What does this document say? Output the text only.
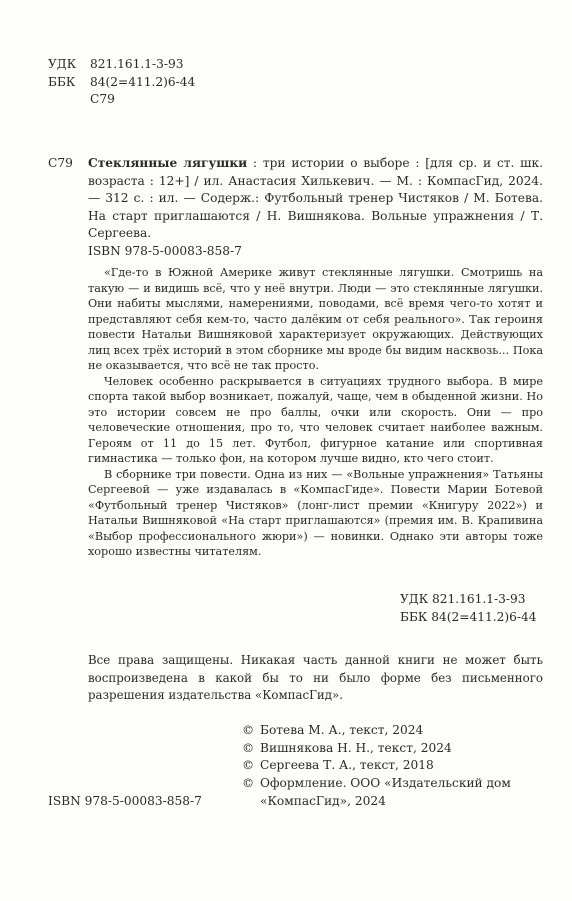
УДК 821.161.1-3-93
ББК 84(2=411.2)6-44
С79
С79 Стеклянные лягушки : три истории о выборе : [для ср. и ст. шк. возраста : 12+] / ил. Анастасия Хилькевич. — М. : КомпасГид, 2024. — 312 с. : ил. — Содерж.: Футбольный тренер Чистяков / М. Ботева. На старт приглашаются / Н. Вишнякова. Вольные упражнения / Т. Сергеева.
ISBN 978-5-00083-858-7

«Где-то в Южной Америке живут стеклянные лягушки. Смотришь на такую — и видишь всё, что у неё внутри. Люди — это стеклянные лягушки. Они набиты мыслями, намерениями, поводами, всё время чего-то хотят и представляют себя кем-то, часто далёким от себя реального». Так героиня повести Натальи Вишняковой характеризует окружающих. Действующих лиц всех трёх историй в этом сборнике мы вроде бы видим насквозь... Пока не оказывается, что всё не так просто.

Человек особенно раскрывается в ситуациях трудного выбора. В мире спорта такой выбор возникает, пожалуй, чаще, чем в обыденной жизни. Но это истории совсем не про баллы, очки или скорость. Они — про человеческие отношения, про то, что человек считает наиболее важным. Героям от 11 до 15 лет. Футбол, фигурное катание или спортивная гимнастика — только фон, на котором лучше видно, кто чего стоит.

В сборнике три повести. Одна из них — «Вольные упражнения» Татьяны Сергеевой — уже издавалась в «КомпасГиде». Повести Марии Ботевой «Футбольный тренер Чистяков» (лонг-лист премии «Книгуру 2022») и Натальи Вишняковой «На старт приглашаются» (премия им. В. Крапивина «Выбор профессионального жюри») — новинки. Однако эти авторы тоже хорошо известны читателям.

УДК 821.161.1-3-93
ББК 84(2=411.2)6-44
Все права защищены. Никакая часть данной книги не может быть воспроизведена в какой бы то ни было форме без письменного разрешения издательства «КомпасГид».
© Ботева М. А., текст, 2024
© Вишнякова Н. Н., текст, 2024
© Сергеева Т. А., текст, 2018
© Оформление. ООО «Издательский дом
«КомпасГид», 2024
ISBN 978-5-00083-858-7
